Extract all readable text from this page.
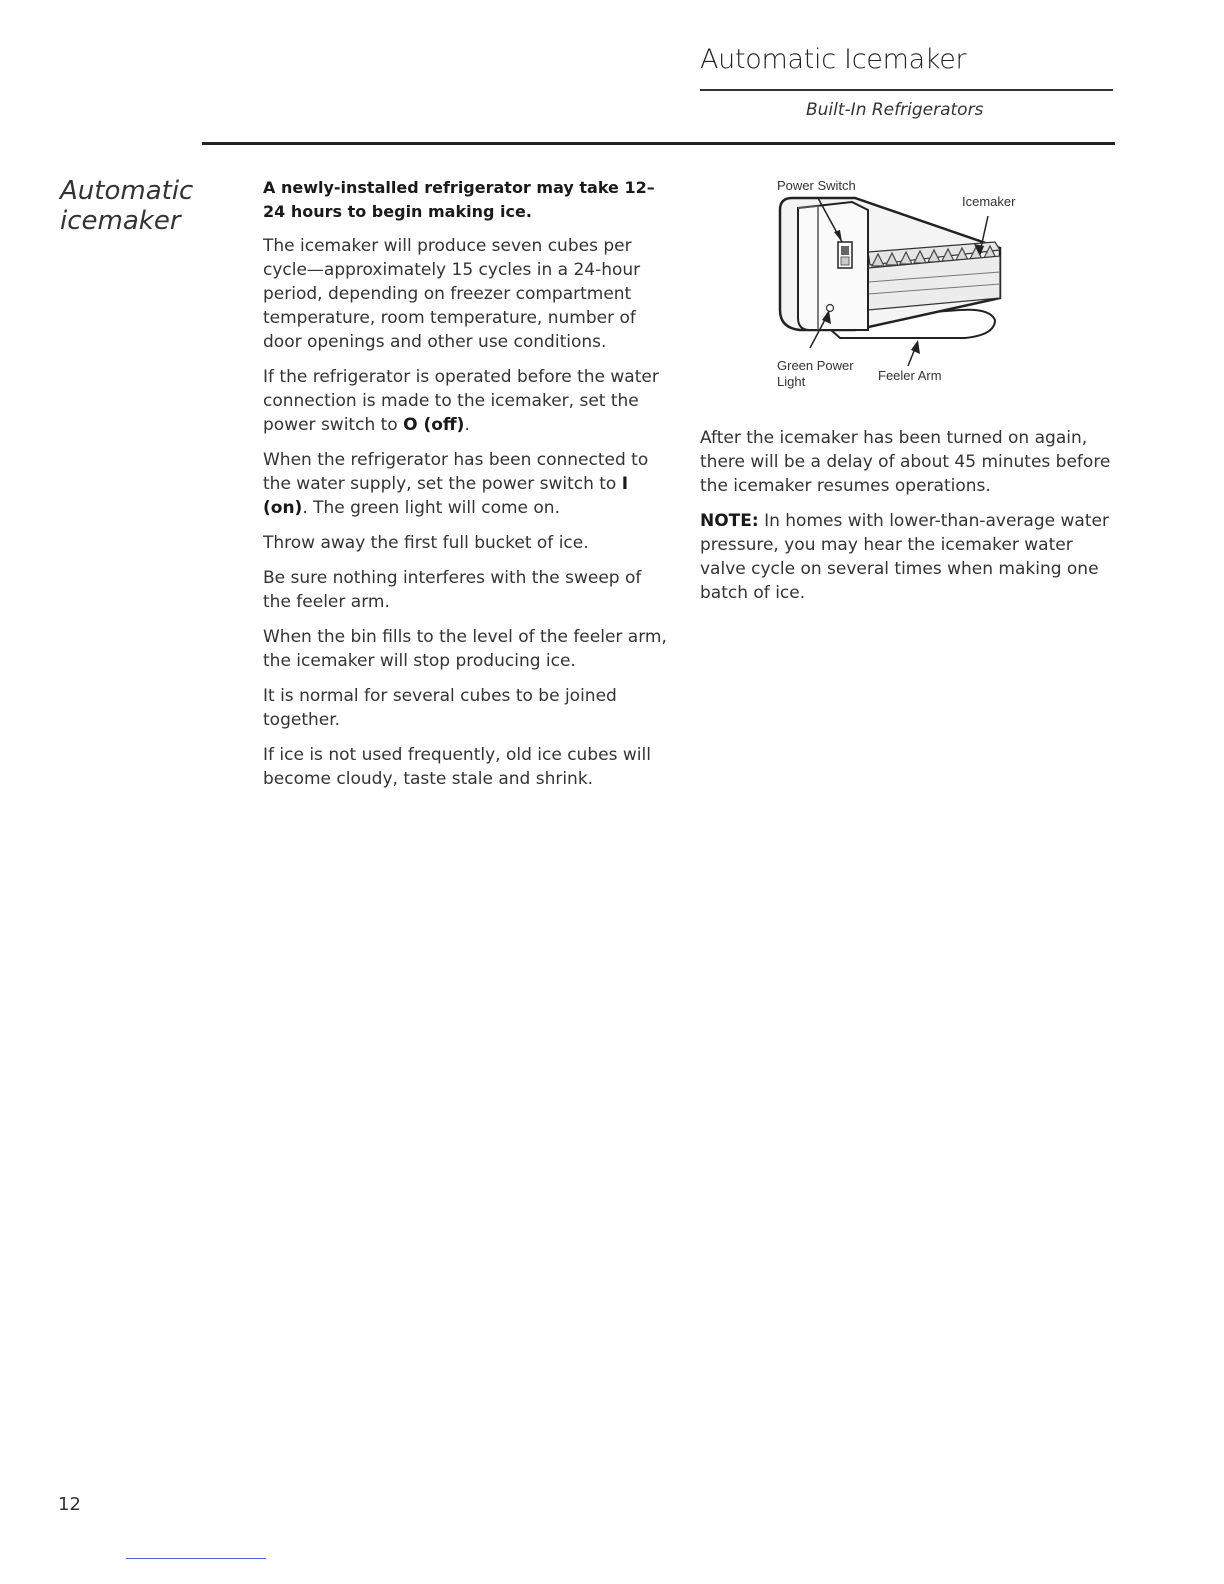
Automatic Icemaker
Built-In Refrigerators
Automatic
icemaker

A newly-installed refrigerator may take 12–24 hours to begin making ice.

The icemaker will produce seven cubes per cycle—approximately 15 cycles in a 24-hour period, depending on freezer compartment temperature, room temperature, number of door openings and other use conditions.

If the refrigerator is operated before the water connection is made to the icemaker, set the power switch to O (off).

When the refrigerator has been connected to the water supply, set the power switch to I (on). The green light will come on.

Throw away the first full bucket of ice.

Be sure nothing interferes with the sweep of the feeler arm.

When the bin fills to the level of the feeler arm, the icemaker will stop producing ice.

It is normal for several cubes to be joined together.

If ice is not used frequently, old ice cubes will become cloudy, taste stale and shrink.

Power Switch
Icemaker
Green Power
Light	Feeler Arm

After the icemaker has been turned on again, there will be a delay of about 45 minutes before the icemaker resumes operations.

NOTE: In homes with lower-than-average water pressure, you may hear the icemaker water valve cycle on several times when making one batch of ice.

12
